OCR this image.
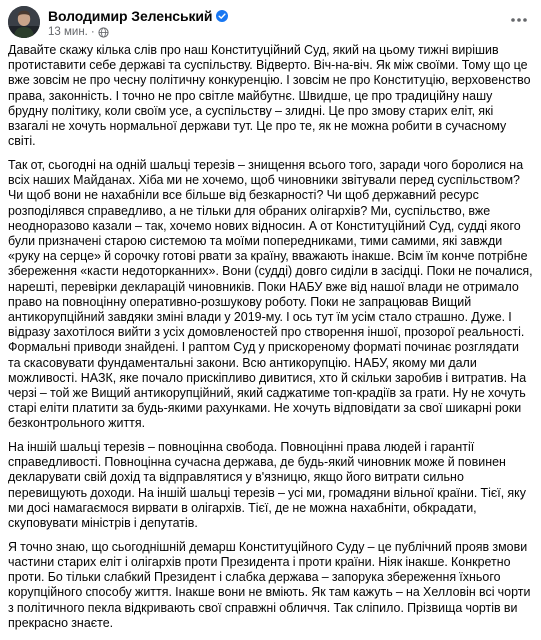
Володимир Зеленський
13 мин. ·

Давайте скажу кілька слів про наш Конституційний Суд, який на цьому тижні вирішив протиставити себе державі та суспільству. Відверто. Віч-на-віч. Як між своїми. Тому що це вже зовсім не про чесну політичну конкуренцію. І зовсім не про Конституцію, верховенство права, законність. І точно не про світле майбутнє. Швидше, це про традиційну нашу брудну політику, коли своїм усе, а суспільству – злидні. Це про змову старих еліт, які взагалі не хочуть нормальної держави тут. Це про те, як не можна робити в сучасному світі.

Так от, сьогодні на одній шальці терезів – знищення всього того, заради чого боролися на всіх наших Майданах. Хіба ми не хочемо, щоб чиновники звітували перед суспільством? Чи щоб вони не нахабніли все більше від безкарності? Чи щоб державний ресурс розподілявся справедливо, а не тільки для обраних олігархів? Ми, суспільство, вже неодноразово казали – так, хочемо нових відносин. А от Конституційний Суд, судді якого були призначені старою системою та моїми попередниками, тими самими, які завжди «руку на серце» й сорочку готові рвати за країну, вважають інакше. Всім їм конче потрібне збереження «касти недоторканних». Вони (судді) довго сиділи в засідці. Поки не почалися, нарешті, перевірки декларацій чиновників. Поки НАБУ вже від нашої влади не отримало право на повноцінну оперативно-розшукову роботу. Поки не запрацював Вищий антикорупційний завдяки зміні влади у 2019-му. І ось тут їм усім стало страшно. Дуже. І відразу захотілося вийти з усіх домовленостей про створення іншої, прозорої реальності. Формальні приводи знайдені. І раптом Суд у прискореному форматі починає розглядати та скасовувати фундаментальні закони. Всю антикорупцію. НАБУ, якому ми дали можливості. НАЗК, яке почало прискіпливо дивитися, хто й скільки заробив і витратив. На черзі – той же Вищий антикорупційний, який саджатиме топ-крадіїв за грати. Ну не хочуть старі еліти платити за будь-якими рахунками. Не хочуть відповідати за свої шикарні роки безконтрольного життя.

На іншій шальці терезів – повноцінна свобода. Повноцінні права людей і гарантії справедливості. Повноцінна сучасна держава, де будь-який чиновник може й повинен декларувати свій дохід та відправлятися у в'язницю, якщо його витрати сильно перевищують доходи. На іншій шальці терезів – усі ми, громадяни вільної країни. Тієї, яку ми досі намагаємося вирвати в олігархів. Тієї, де не можна нахабніти, обкрадати, скуповувати міністрів і депутатів.

Я точно знаю, що сьогоднішній демарш Конституційного Суду – це публічний прояв змови частини старих еліт і олігархів проти Президента і проти країни. Ніяк інакше. Конкретно проти. Бо тільки слабкий Президент і слабка держава – запорука збереження їхнього корупційного способу життя. Інакше вони не вміють. Як там кажуть – на Хелловін всі чорти з політичного пекла відкривають свої справжні обличчя. Так сліпило. Прізвища чортів ви прекрасно знаєте.
